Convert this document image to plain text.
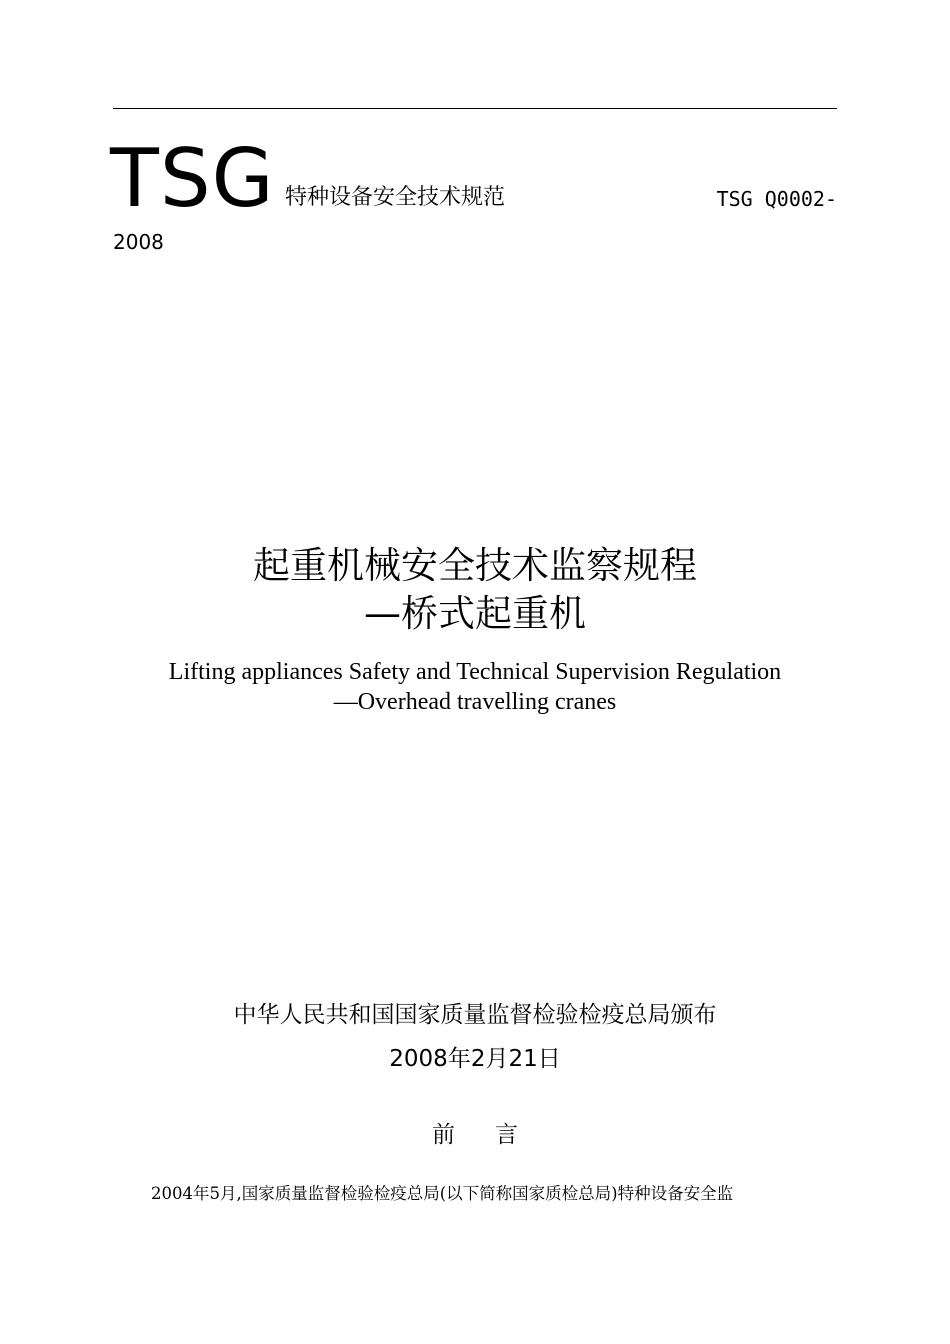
TSG 特种设备安全技术规范	TSG Q0002-
2008
起重机械安全技术监察规程
—桥式起重机
Lifting appliances Safety and Technical Supervision Regulation
—Overhead travelling cranes
中华人民共和国国家质量监督检验检疫总局颁布
2008年2月21日
前言
2004年5月,国家质量监督检验检疫总局(以下简称国家质检总局)特种设备安全监
